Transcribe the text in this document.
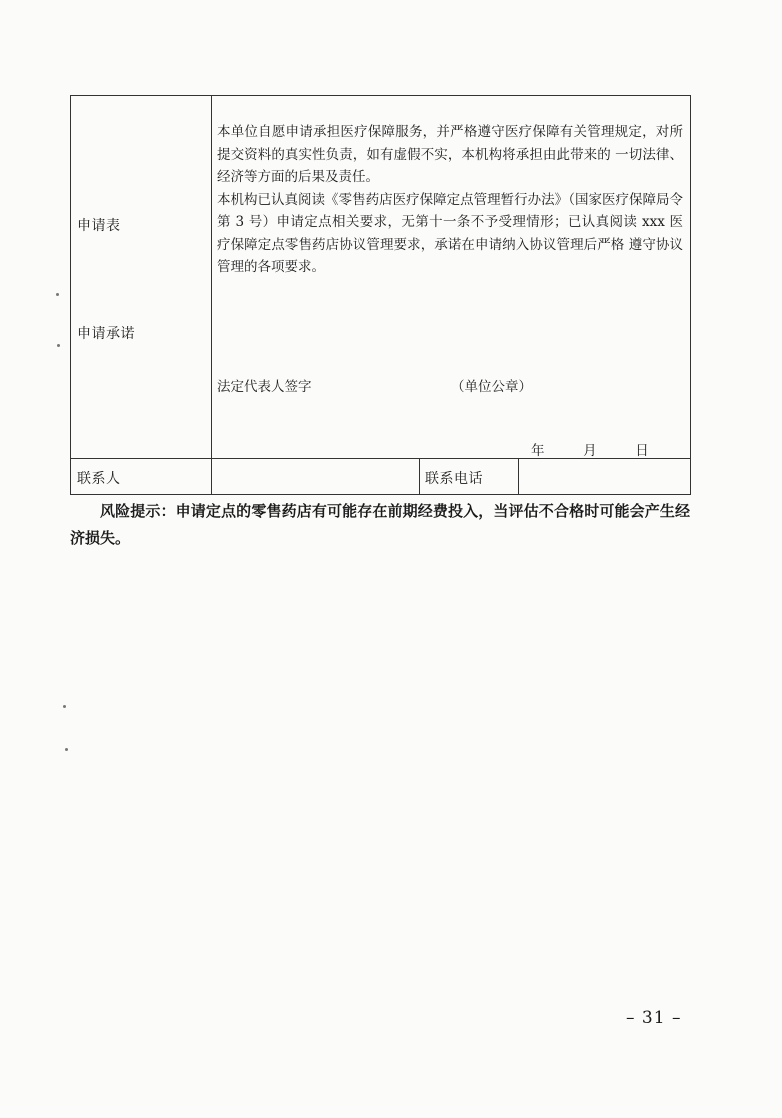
申请表
申请承诺

本单位自愿申请承担医疗保障服务，并严格遵守医疗保障有关管理规定，对所提交资料的真实性负责，如有虚假不实，本机构将承担由此带来的 一切法律、经济等方面的后果及责任。

本机构已认真阅读《零售药店医疗保障定点管理暂行办法》（国家医疗保障局令第 3 号）申请定点相关要求，无第十一条不予受理情形；已认真阅读 xxx 医疗保障定点零售药店协议管理要求，承诺在申请纳入协议管理后严格 遵守协议管理的各项要求。

法定代表人签字	（单位公章）
年	月	日
联系人	联系电话
风险提示：申请定点的零售药店有可能存在前期经费投入，当评估不合格时可能会产生经济损失。
– 31 –
